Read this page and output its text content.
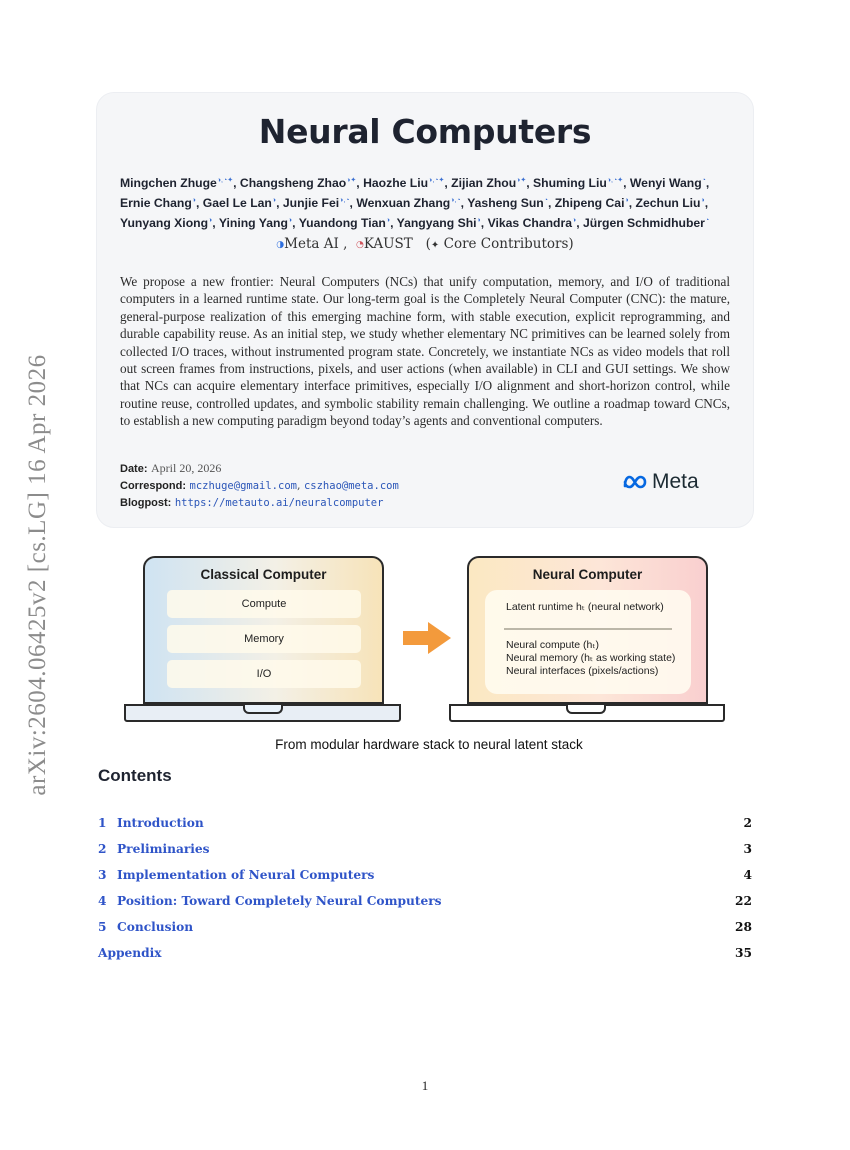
arXiv:2604.06425v2 [cs.LG] 16 Apr 2026
Neural Computers
Mingchen Zhuge◑,◔✦, Changsheng Zhao◑✦, Haozhe Liu◑,◔✦, Zijian Zhou◑✦, Shuming Liu◑,◔✦, Wenyi Wang◔, Ernie Chang◑, Gael Le Lan◑, Junjie Fei◑,◔, Wenxuan Zhang◑,◔, Yasheng Sun◔, Zhipeng Cai◑, Zechun Liu◑, Yunyang Xiong◑, Yining Yang◑, Yuandong Tian◑, Yangyang Shi◑, Vikas Chandra◑, Jürgen Schmidhuber◔
◑Meta AI ,  ◔KAUST   (✦ Core Contributors)
We propose a new frontier: Neural Computers (NCs) that unify computation, memory, and I/O of traditional computers in a learned runtime state. Our long-term goal is the Completely Neural Computer (CNC): the mature, general-purpose realization of this emerging machine form, with stable execution, explicit reprogramming, and durable capability reuse. As an initial step, we study whether elementary NC primitives can be learned solely from collected I/O traces, without instrumented program state. Concretely, we instantiate NCs as video models that roll out screen frames from instructions, pixels, and user actions (when available) in CLI and GUI settings. We show that NCs can acquire elementary interface primitives, especially I/O alignment and short-horizon control, while routine reuse, controlled updates, and symbolic stability remain challenging. We outline a roadmap toward CNCs, to establish a new computing paradigm beyond today’s agents and conventional computers.
Date: April 20, 2026
Correspond: mczhuge@gmail.com, cszhao@meta.com
Blogpost: https://metauto.ai/neuralcomputer
Meta
Classical Computer
Compute
Memory
I/O
Neural Computer
Latent runtime hₜ (neural network)
Neural compute (hₜ)
Neural memory (hₜ as working state)
Neural interfaces (pixels/actions)
From modular hardware stack to neural latent stack
Contents
1 Introduction	2
2 Preliminaries	3
3 Implementation of Neural Computers	4
4 Position: Toward Completely Neural Computers	22
5 Conclusion	28
Appendix	35
1
